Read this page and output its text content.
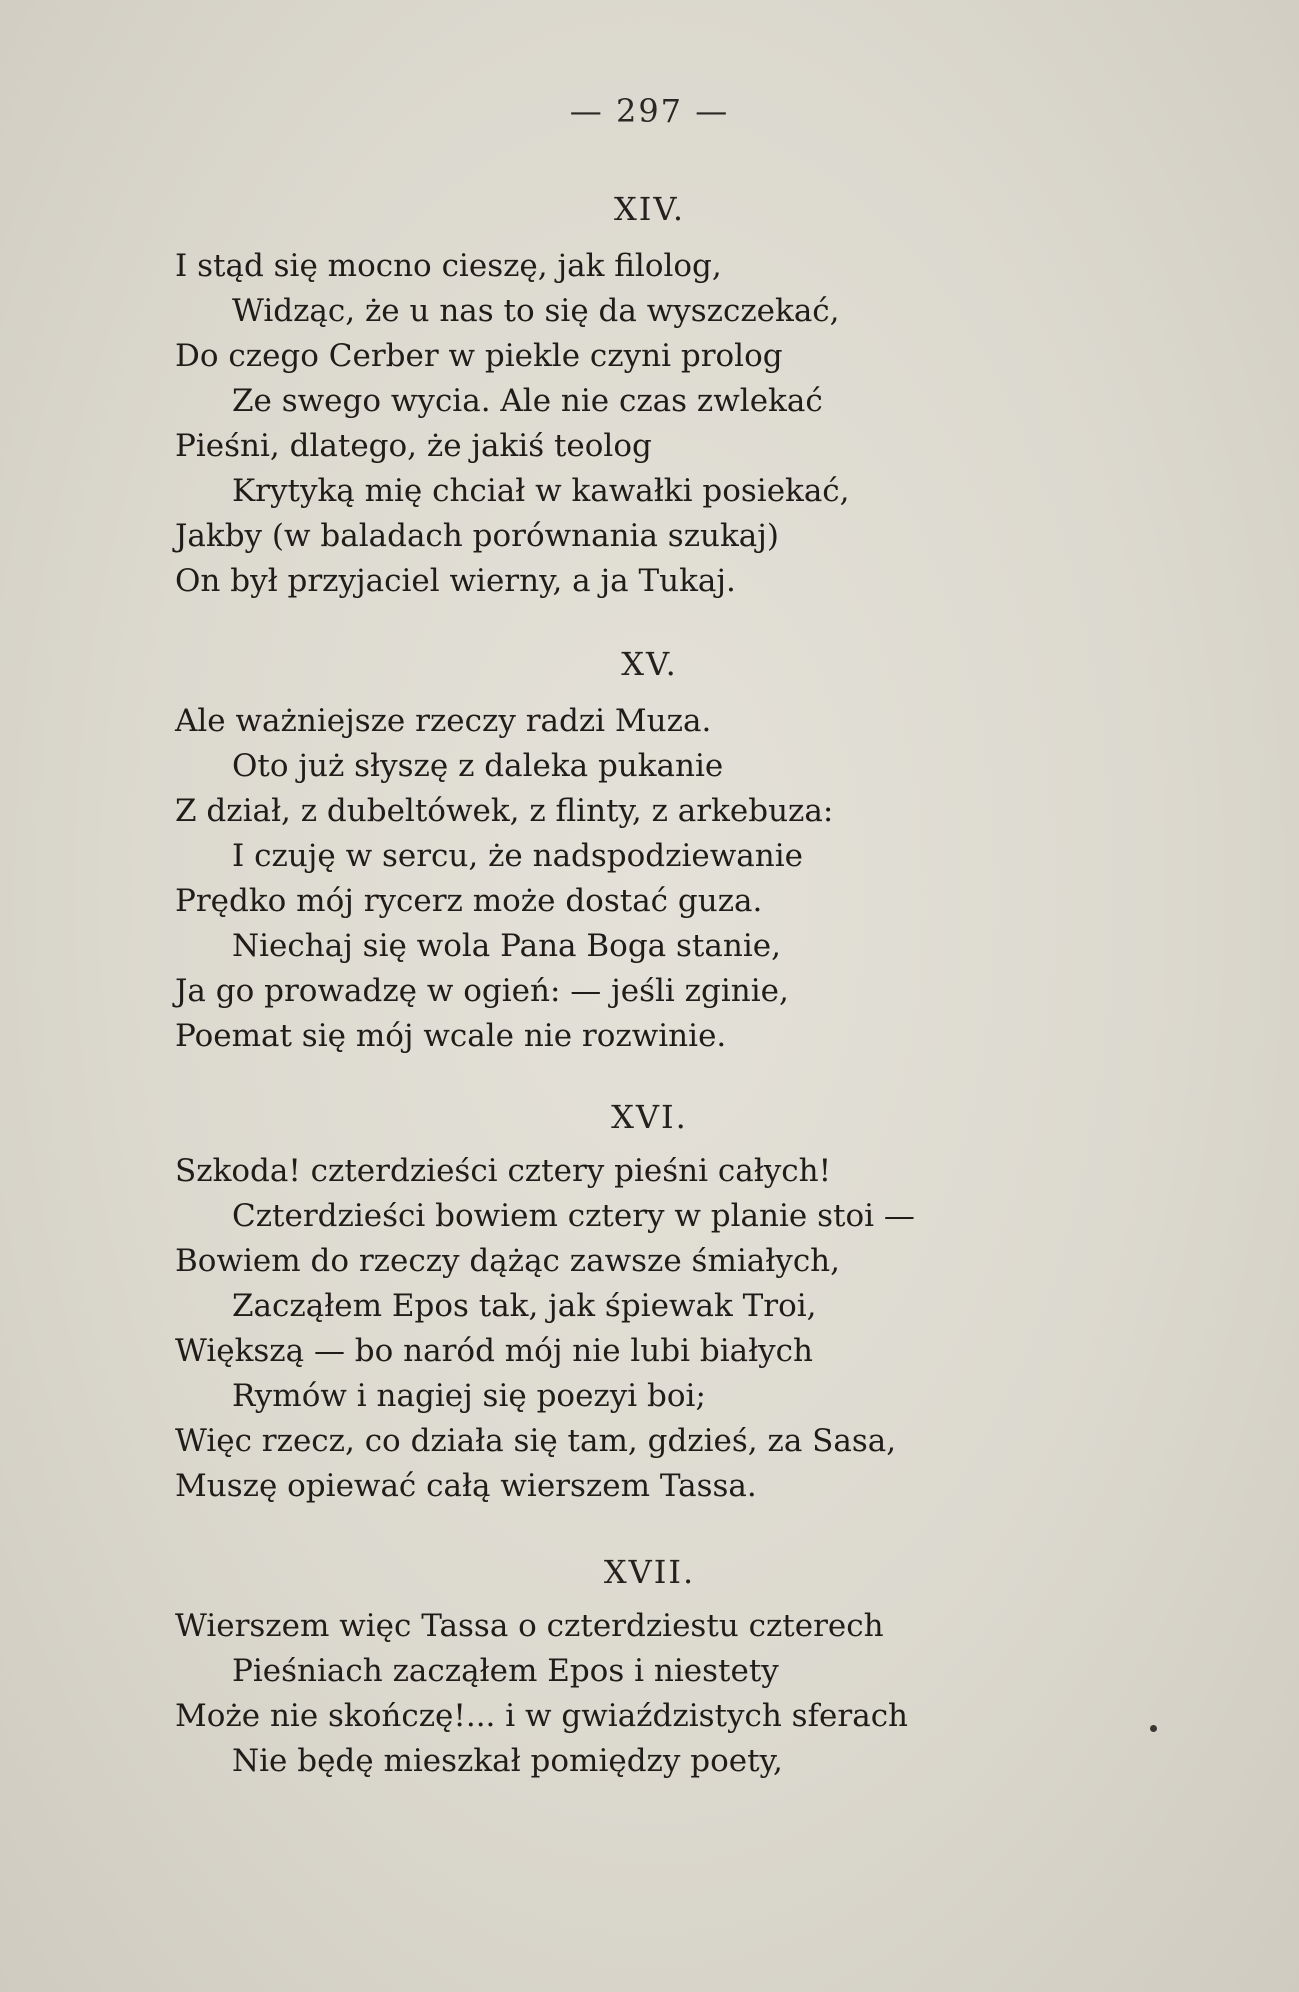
— 297 —
XIV.
I stąd się mocno cieszę, jak filolog,
Widząc, że u nas to się da wyszczekać,
Do czego Cerber w piekle czyni prolog
Ze swego wycia. Ale nie czas zwlekać
Pieśni, dlatego, że jakiś teolog
Krytyką mię chciał w kawałki posiekać,
Jakby (w baladach porównania szukaj)
On był przyjaciel wierny, a ja Tukaj.
XV.
Ale ważniejsze rzeczy radzi Muza.
Oto już słyszę z daleka pukanie
Z dział, z dubeltówek, z flinty, z arkebuza:
I czuję w sercu, że nadspodziewanie
Prędko mój rycerz może dostać guza.
Niechaj się wola Pana Boga stanie,
Ja go prowadzę w ogień: — jeśli zginie,
Poemat się mój wcale nie rozwinie.
XVI.
Szkoda! czterdzieści cztery pieśni całych!
Czterdzieści bowiem cztery w planie stoi —
Bowiem do rzeczy dążąc zawsze śmiałych,
Zacząłem Epos tak, jak śpiewak Troi,
Większą — bo naród mój nie lubi białych
Rymów i nagiej się poezyi boi;
Więc rzecz, co działa się tam, gdzieś, za Sasa,
Muszę opiewać całą wierszem Tassa.
XVII.
Wierszem więc Tassa o czterdziestu czterech
Pieśniach zacząłem Epos i niestety
Może nie skończę!... i w gwiaździstych sferach
Nie będę mieszkał pomiędzy poety,
